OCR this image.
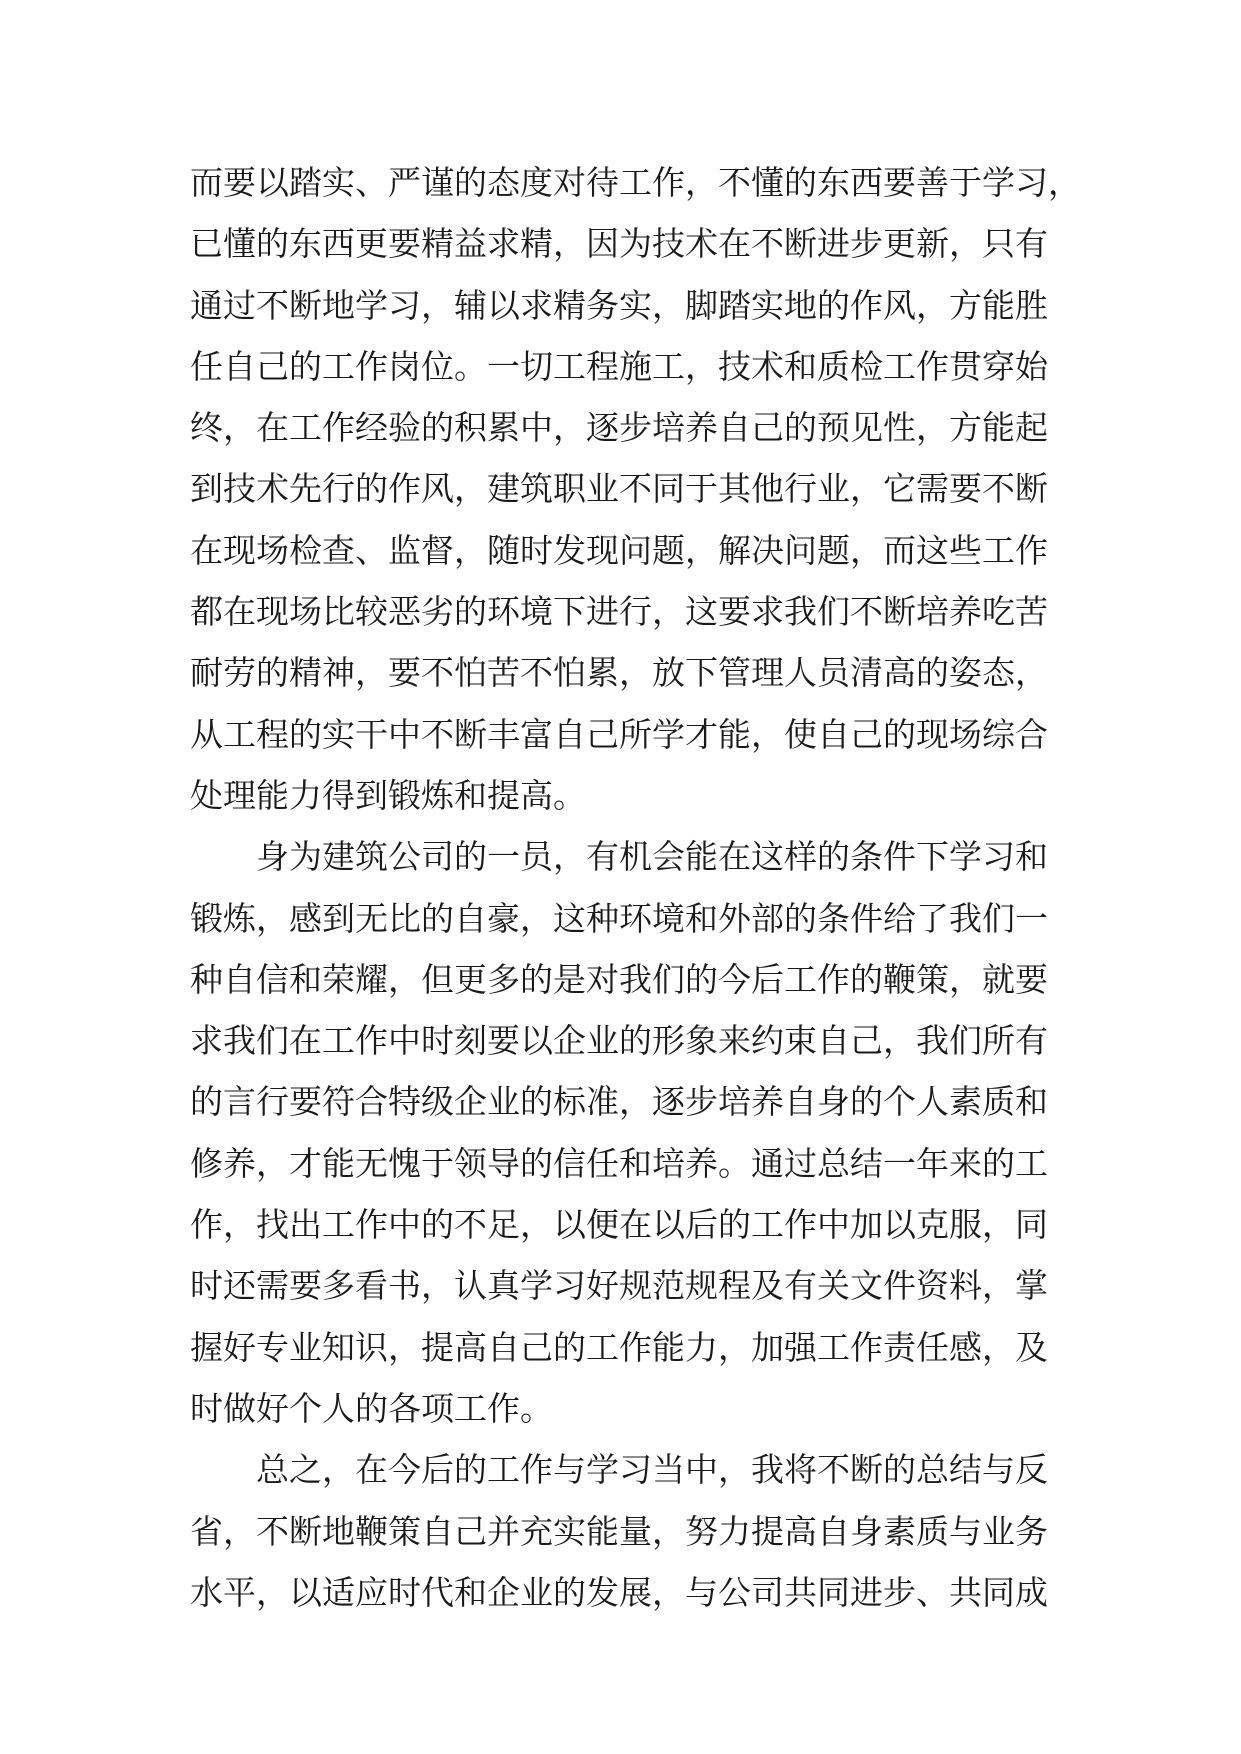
而要以踏实、严谨的态度对待工作，不懂的东西要善于学习，
已懂的东西更要精益求精，因为技术在不断进步更新，只有
通过不断地学习，辅以求精务实，脚踏实地的作风，方能胜
任自己的工作岗位。一切工程施工，技术和质检工作贯穿始
终，在工作经验的积累中，逐步培养自己的预见性，方能起
到技术先行的作风，建筑职业不同于其他行业，它需要不断
在现场检查、监督，随时发现问题，解决问题，而这些工作
都在现场比较恶劣的环境下进行，这要求我们不断培养吃苦
耐劳的精神，要不怕苦不怕累，放下管理人员清高的姿态，
从工程的实干中不断丰富自己所学才能，使自己的现场综合
处理能力得到锻炼和提高。
身为建筑公司的一员，有机会能在这样的条件下学习和
锻炼，感到无比的自豪，这种环境和外部的条件给了我们一
种自信和荣耀，但更多的是对我们的今后工作的鞭策，就要
求我们在工作中时刻要以企业的形象来约束自己，我们所有
的言行要符合特级企业的标准，逐步培养自身的个人素质和
修养，才能无愧于领导的信任和培养。通过总结一年来的工
作，找出工作中的不足，以便在以后的工作中加以克服，同
时还需要多看书，认真学习好规范规程及有关文件资料，掌
握好专业知识，提高自己的工作能力，加强工作责任感，及
时做好个人的各项工作。
总之，在今后的工作与学习当中，我将不断的总结与反
省，不断地鞭策自己并充实能量，努力提高自身素质与业务
水平，以适应时代和企业的发展，与公司共同进步、共同成
